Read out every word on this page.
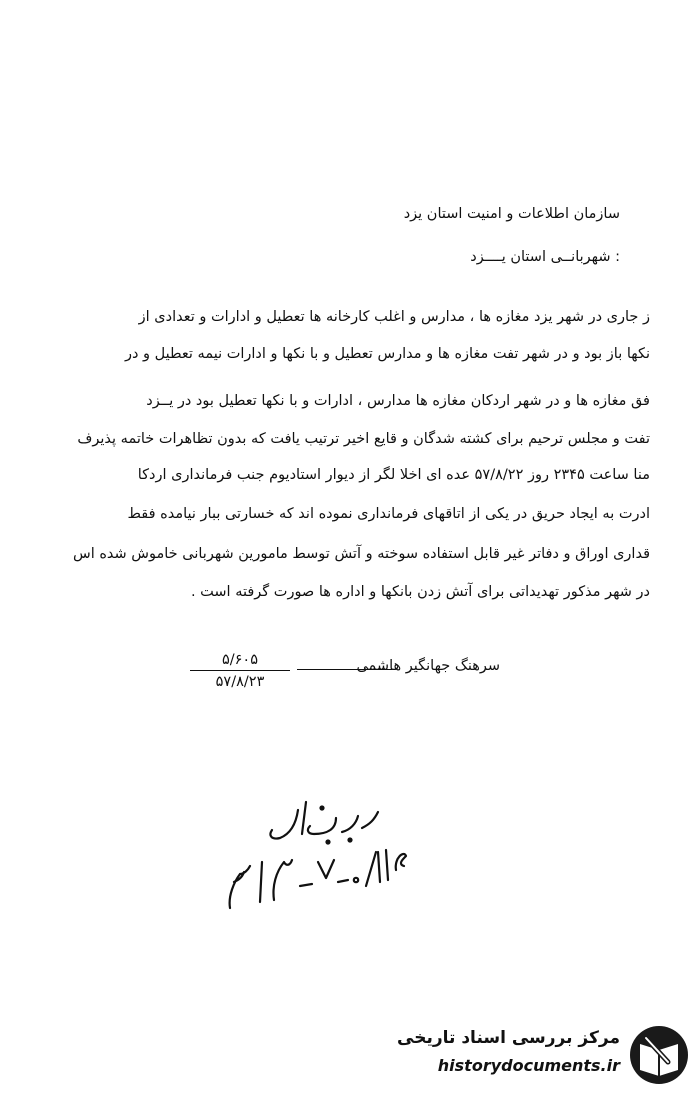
سازمان اطلاعات و امنیت استان یزد
: شهربانــی استان یــــزد
ز جاری در شهر یزد مغازه ها ، مدارس و اغلب کارخانه ها تعطیل و ادارات و تعدادی از
نکها باز بود و در شهر تفت مغازه ها و مدارس تعطیل و با نکها و ادارات نیمه تعطیل و در
فق مغازه ها و در شهر اردکان مغازه ها مدارس ، ادارات و با نکها تعطیل بود در یــزد
تفت و مجلس ترحیم برای کشته شدگان و قایع اخیر ترتیب یافت که بدون تظاهرات خاتمه پذیرف
منا ساعت ۲۳۴۵ روز ۵۷/۸/۲۲ عده ای اخلا لگر از دیوار استادیوم جنب فرمانداری اردکا
ادرت به ایجاد حریق در یکی از اتاقهای فرمانداری نموده اند که خسارتی ببار نیامده فقط
قداری اوراق و دفاتر غیر قابل استفاده سوخته و آتش توسط مامورین شهربانی خاموش شده اس
در شهر مذکور تهدیداتی برای آتش زدن بانکها و اداره ها صورت گرفته است .
سرهنگ جهانگیر هاشمی
۵/۶۰۵
۵۷/۸/۲۳
مرکز بررسی اسناد تاریخی
historydocuments.ir
